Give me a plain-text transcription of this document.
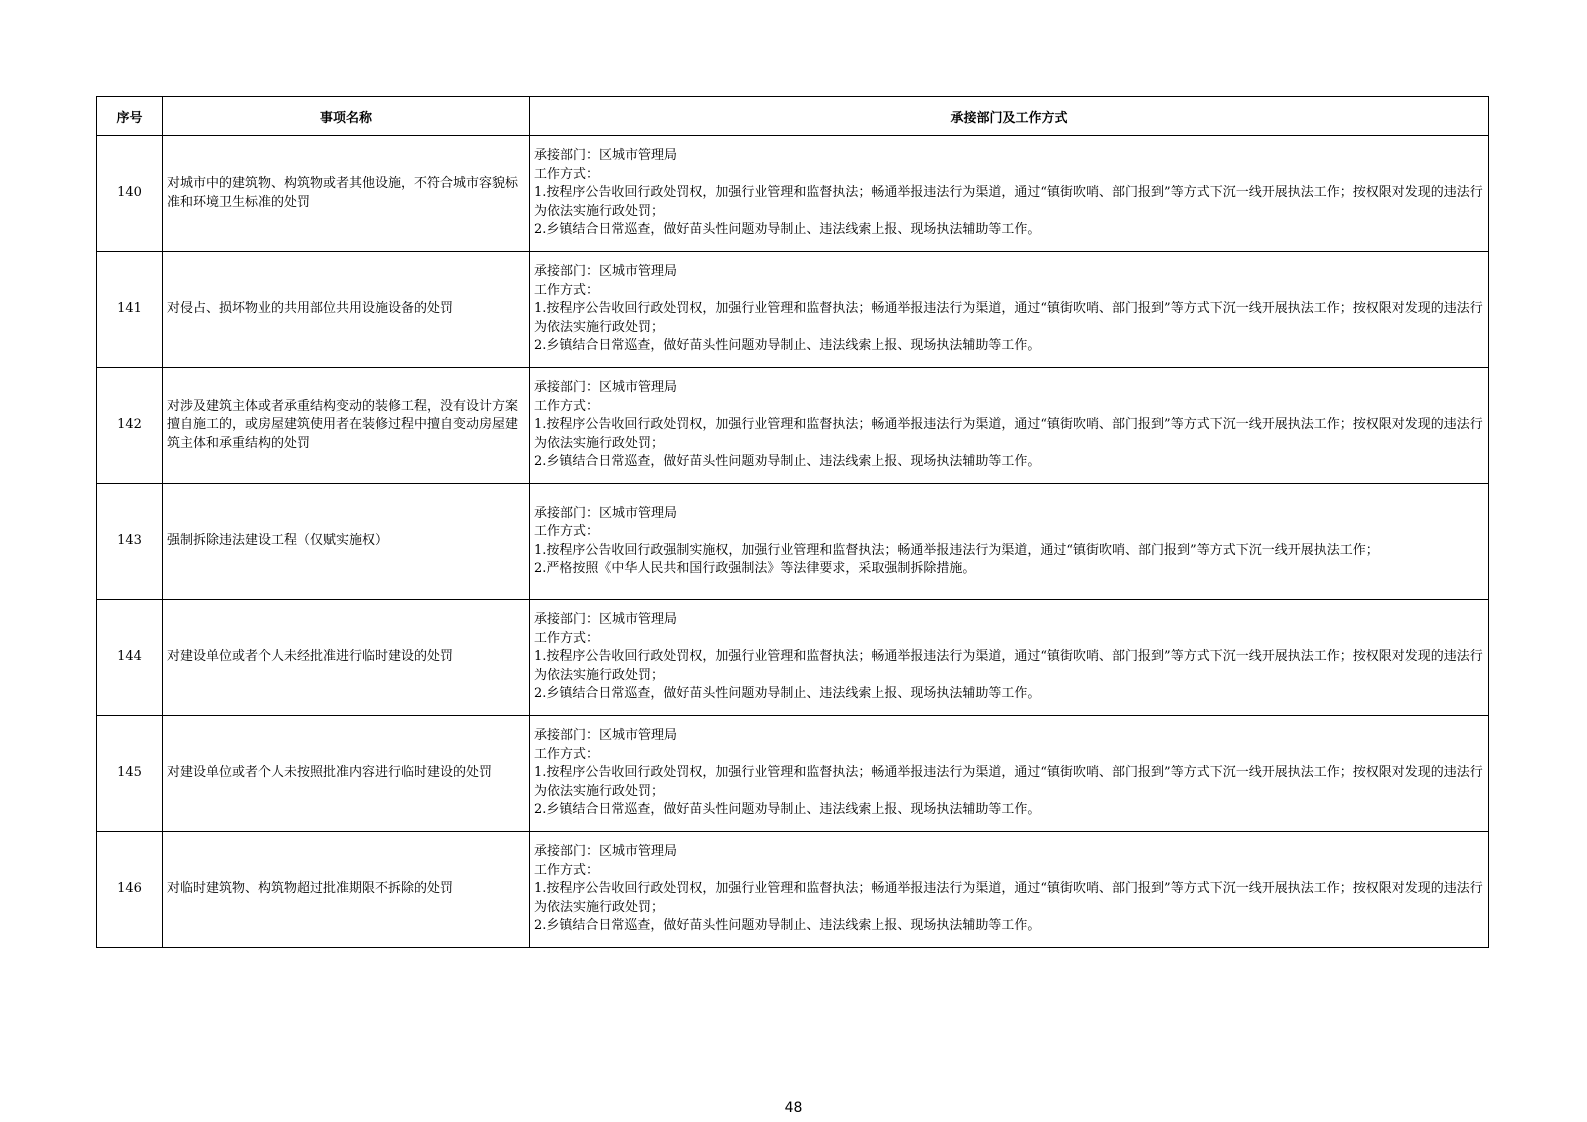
序号	事项名称	承接部门及工作方式
140	对城市中的建筑物、构筑物或者其他设施，不符合城市容貌标准和环境卫生标准的处罚	承接部门：区城市管理局
工作方式：
1.按程序公告收回行政处罚权，加强行业管理和监督执法；畅通举报违法行为渠道，通过“镇街吹哨、部门报到”等方式下沉一线开展执法工作；按权限对发现的违法行为依法实施行政处罚；
2.乡镇结合日常巡查，做好苗头性问题劝导制止、违法线索上报、现场执法辅助等工作。

141	对侵占、损坏物业的共用部位共用设施设备的处罚	承接部门：区城市管理局
工作方式：
1.按程序公告收回行政处罚权，加强行业管理和监督执法；畅通举报违法行为渠道，通过“镇街吹哨、部门报到”等方式下沉一线开展执法工作；按权限对发现的违法行为依法实施行政处罚；
2.乡镇结合日常巡查，做好苗头性问题劝导制止、违法线索上报、现场执法辅助等工作。

142	对涉及建筑主体或者承重结构变动的装修工程，没有设计方案擅自施工的，或房屋建筑使用者在装修过程中擅自变动房屋建筑主体和承重结构的处罚	承接部门：区城市管理局
工作方式：
1.按程序公告收回行政处罚权，加强行业管理和监督执法；畅通举报违法行为渠道，通过“镇街吹哨、部门报到”等方式下沉一线开展执法工作；按权限对发现的违法行为依法实施行政处罚；
2.乡镇结合日常巡查，做好苗头性问题劝导制止、违法线索上报、现场执法辅助等工作。

143	强制拆除违法建设工程（仅赋实施权）	承接部门：区城市管理局
工作方式：
1.按程序公告收回行政强制实施权，加强行业管理和监督执法；畅通举报违法行为渠道，通过“镇街吹哨、部门报到”等方式下沉一线开展执法工作；
2.严格按照《中华人民共和国行政强制法》等法律要求，采取强制拆除措施。

144	对建设单位或者个人未经批准进行临时建设的处罚	承接部门：区城市管理局
工作方式：
1.按程序公告收回行政处罚权，加强行业管理和监督执法；畅通举报违法行为渠道，通过“镇街吹哨、部门报到”等方式下沉一线开展执法工作；按权限对发现的违法行为依法实施行政处罚；
2.乡镇结合日常巡查，做好苗头性问题劝导制止、违法线索上报、现场执法辅助等工作。

145	对建设单位或者个人未按照批准内容进行临时建设的处罚	承接部门：区城市管理局
工作方式：
1.按程序公告收回行政处罚权，加强行业管理和监督执法；畅通举报违法行为渠道，通过“镇街吹哨、部门报到”等方式下沉一线开展执法工作；按权限对发现的违法行为依法实施行政处罚；
2.乡镇结合日常巡查，做好苗头性问题劝导制止、违法线索上报、现场执法辅助等工作。

146	对临时建筑物、构筑物超过批准期限不拆除的处罚	承接部门：区城市管理局
工作方式：
1.按程序公告收回行政处罚权，加强行业管理和监督执法；畅通举报违法行为渠道，通过“镇街吹哨、部门报到”等方式下沉一线开展执法工作；按权限对发现的违法行为依法实施行政处罚；
2.乡镇结合日常巡查，做好苗头性问题劝导制止、违法线索上报、现场执法辅助等工作。
48
